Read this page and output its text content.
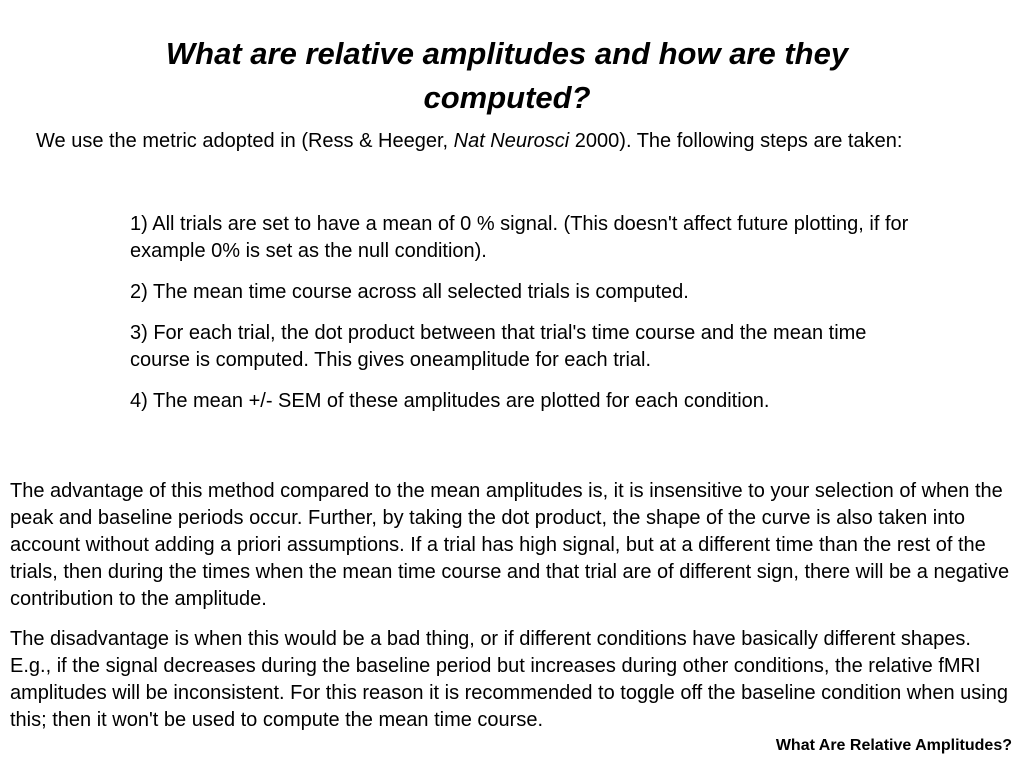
What are relative amplitudes and how are they computed?

We use the metric adopted in (Ress & Heeger, Nat Neurosci 2000). The following steps are taken:

1) All trials are set to have a mean of 0 % signal. (This doesn't affect future plotting, if for example 0% is set as the null condition).
2) The mean time course across all selected trials is computed.
3) For each trial, the dot product between that trial's time course and the mean time course is computed. This gives oneamplitude for each trial.
4) The mean +/- SEM of these amplitudes are plotted for each condition.

The advantage of this method compared to the mean amplitudes is, it is insensitive to your selection of when the peak and baseline periods occur. Further, by taking the dot product, the shape of the curve is also taken into account without adding a priori assumptions. If a trial has high signal, but at a different time than the rest of the trials, then during the times when the mean time course and that trial are of different sign, there will be a negative contribution to the amplitude.

The disadvantage is when this would be a bad thing, or if different conditions have basically different shapes. E.g., if the signal decreases during the baseline period but increases during other conditions, the relative fMRI amplitudes will be inconsistent. For this reason it is recommended to toggle off the baseline condition when using this; then it won't be used to compute the mean time course.

What Are Relative Amplitudes?
